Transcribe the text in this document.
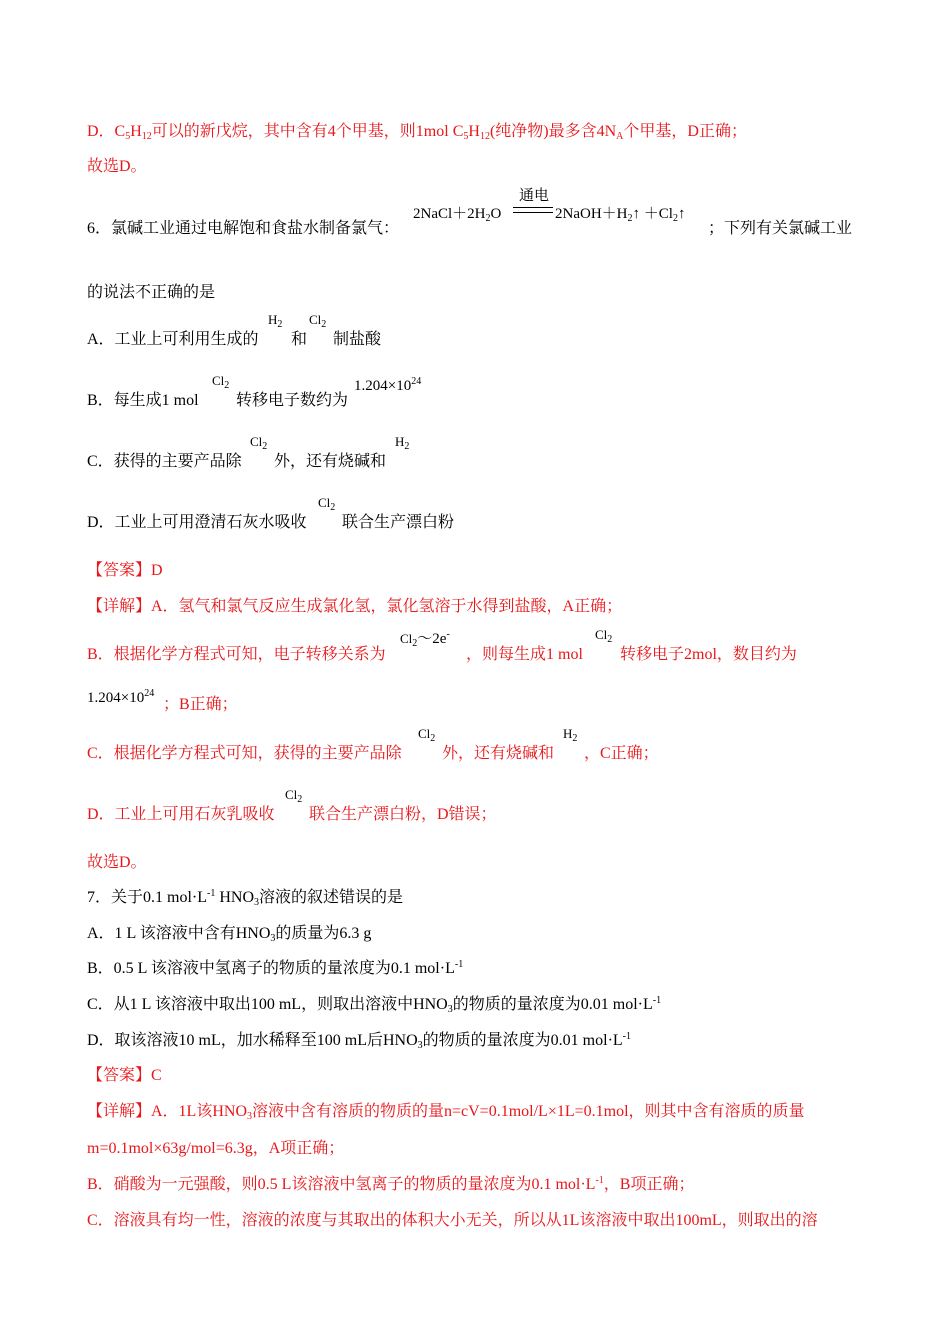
D．$C_5H_{12}$可以的新戊烷，其中含有4个甲基，则1mol $C_5H_{12}$(纯净物)最多含$4N_A$个甲基，D正确；
故选D。
6．氯碱工业通过电解饱和食盐水制备氯气：
$2NaCl+2H_2O$
通电
$2NaOH+H_2↑$ $+Cl_2↑$
；下列有关氯碱工业
的说法不正确的是
A．工业上可利用生成的
$H_2$
和
$Cl_2$
制盐酸
B．每生成1 mol
$Cl_2$
转移电子数约为
$1.204\times 10^{24}$
C．获得的主要产品除
$Cl_2$
外，还有烧碱和
$H_2$
D．工业上可用澄清石灰水吸收
$Cl_2$
联合生产漂白粉
【答案】D
【详解】A．氢气和氯气反应生成氯化氢，氯化氢溶于水得到盐酸，A正确；
B．根据化学方程式可知，电子转移关系为
$Cl_2\sim 2e^-$
，则每生成1 mol
$Cl_2$
转移电子2mol，数目约为
$1.204\times 10^{24}$
；B正确；
C．根据化学方程式可知，获得的主要产品除
$Cl_2$
外，还有烧碱和
$H_2$
，C正确；
D．工业上可用石灰乳吸收
$Cl_2$
联合生产漂白粉，D错误；
故选D。
7．关于0.1 $mol\cdot L^{-1}$ $HNO_3$溶液的叙述错误的是
A．1 L 该溶液中含有$HNO_3$的质量为6.3 g
B．0.5 L 该溶液中氢离子的物质的量浓度为0.1 $mol\cdot L^{-1}$
C．从1 L 该溶液中取出100 mL，则取出溶液中$HNO_3$的物质的量浓度为0.01 $mol\cdot L^{-1}$
D．取该溶液10 mL，加水稀释至100 mL后$HNO_3$的物质的量浓度为0.01 $mol\cdot L^{-1}$
【答案】C
【详解】A．1L该$HNO_3$溶液中含有溶质的物质的量n=cV=0.1mol/L×1L=0.1mol，则其中含有溶质的质量
m=0.1mol×63g/mol=6.3g，A项正确；
B．硝酸为一元强酸，则0.5 L该溶液中氢离子的物质的量浓度为0.1 $mol\cdot L^{-1}$，B项正确；
C．溶液具有均一性，溶液的浓度与其取出的体积大小无关，所以从1L该溶液中取出100mL，则取出的溶
